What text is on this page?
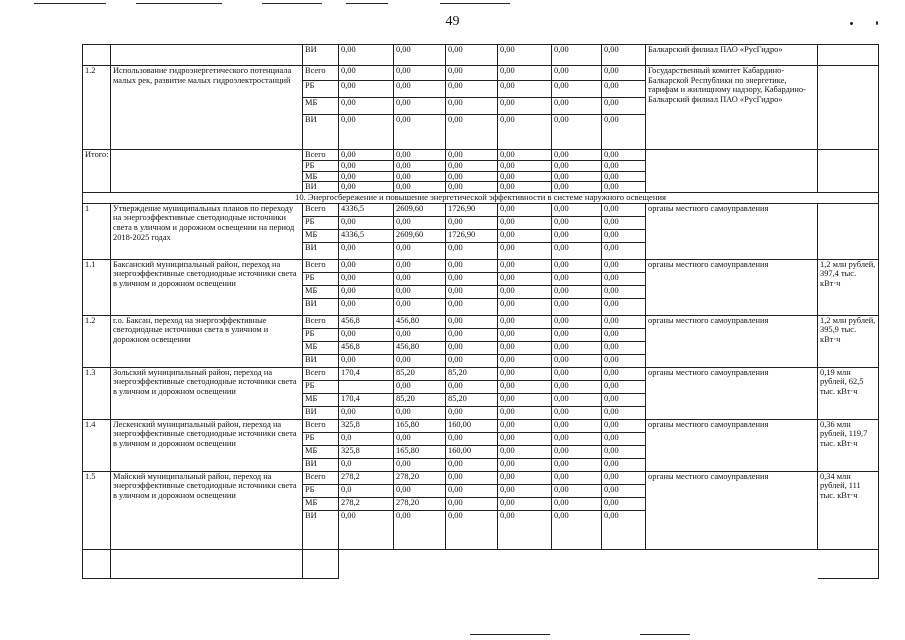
49
		ВИ	0,00	0,00	0,00	0,00	0,00	0,00	Балкарский филиал ПАО «РусГидро»	
1.2	Использование гидроэнергетического потенциала малых рек, развитие малых гидроэлектростанций	Всего	0,00	0,00	0,00	0,00	0,00	0,00	Государственный комитет Кабардино-Балкарской Республики по энергетике, тарифам и жилищному надзору, Кабардино-Балкарский филиал ПАО «РусГидро»	
		РБ	0,00	0,00	0,00	0,00	0,00	0,00		
		МБ	0,00	0,00	0,00	0,00	0,00	0,00		
		ВИ	0,00	0,00	0,00	0,00	0,00	0,00		
Итого:		Всего	0,00	0,00	0,00	0,00	0,00	0,00		
		РБ	0,00	0,00	0,00	0,00	0,00	0,00		
		МБ	0,00	0,00	0,00	0,00	0,00	0,00		
		ВИ	0,00	0,00	0,00	0,00	0,00	0,00		
10. Энергосбережение и повышение энергетической эффективности в системе наружного освещения										
1	Утверждение муниципальных планов по переходу на энергоэффективные светодиодные источники света в уличном и дорожном освещении на период 2018-2025 годах	Всего	4336,5	2609,60	1726,90	0,00	0,00	0,00	органы местного самоуправления	
		РБ	0,00	0,00	0,00	0,00	0,00	0,00		
		МБ	4336,5	2609,60	1726,90	0,00	0,00	0,00		
		ВИ	0,00	0,00	0,00	0,00	0,00	0,00		
1.1	Баксанский муниципальный район, переход на энергоэффективные светодиодные источники света в уличном и дорожном освещении	Всего	0,00	0,00	0,00	0,00	0,00	0,00	органы местного самоуправления	1,2 млн рублей, 397,4 тыс. кВт·ч
		РБ	0,00	0,00	0,00	0,00	0,00	0,00		
		МБ	0,00	0,00	0,00	0,00	0,00	0,00		
		ВИ	0,00	0,00	0,00	0,00	0,00	0,00		
1.2	г.о. Баксан, переход на энергоэффективные светодиодные источники света в уличном и дорожном освещении	Всего	456,8	456,80	0,00	0,00	0,00	0,00	органы местного самоуправления	1,2 млн рублей, 395,9 тыс. кВт·ч
		РБ	0,00	0,00	0,00	0,00	0,00	0,00		
		МБ	456,8	456,80	0,00	0,00	0,00	0,00		
		ВИ	0,00	0,00	0,00	0,00	0,00	0,00		
1.3	Зольский муниципальный район, переход на энергоэффективные светодиодные источники света в уличном и дорожном освещении	Всего	170,4	85,20	85,20	0,00	0,00	0,00	органы местного самоуправления	0,19 млн рублей, 62,5 тыс. кВт·ч
		РБ		0,00	0,00	0,00	0,00	0,00		
		МБ	170,4	85,20	85,20	0,00	0,00	0,00		
		ВИ	0,00	0,00	0,00	0,00	0,00	0,00		
1.4	Лескенский муниципальный район, переход на энергоэффективные светодиодные источники света в уличном и дорожном освещении	Всего	325,8	165,80	160,00	0,00	0,00	0,00	органы местного самоуправления	0,36 млн рублей, 119,7 тыс. кВт·ч
		РБ	0,0	0,00	0,00	0,00	0,00	0,00		
		МБ	325,8	165,80	160,00	0,00	0,00	0,00		
		ВИ	0,0	0,00	0,00	0,00	0,00	0,00		
1.5	Майский муниципальный район, переход на энергоэффективные светодиодные источники света в уличном и дорожном освещении	Всего	278,2	278,20	0,00	0,00	0,00	0,00	органы местного самоуправления	0,34 млн рублей, 111 тыс. кВт·ч
		РБ	0,0	0,00	0,00	0,00	0,00	0,00		
		МБ	278,2	278,20	0,00	0,00	0,00	0,00		
		ВИ	0,00	0,00	0,00	0,00	0,00	0,00		
